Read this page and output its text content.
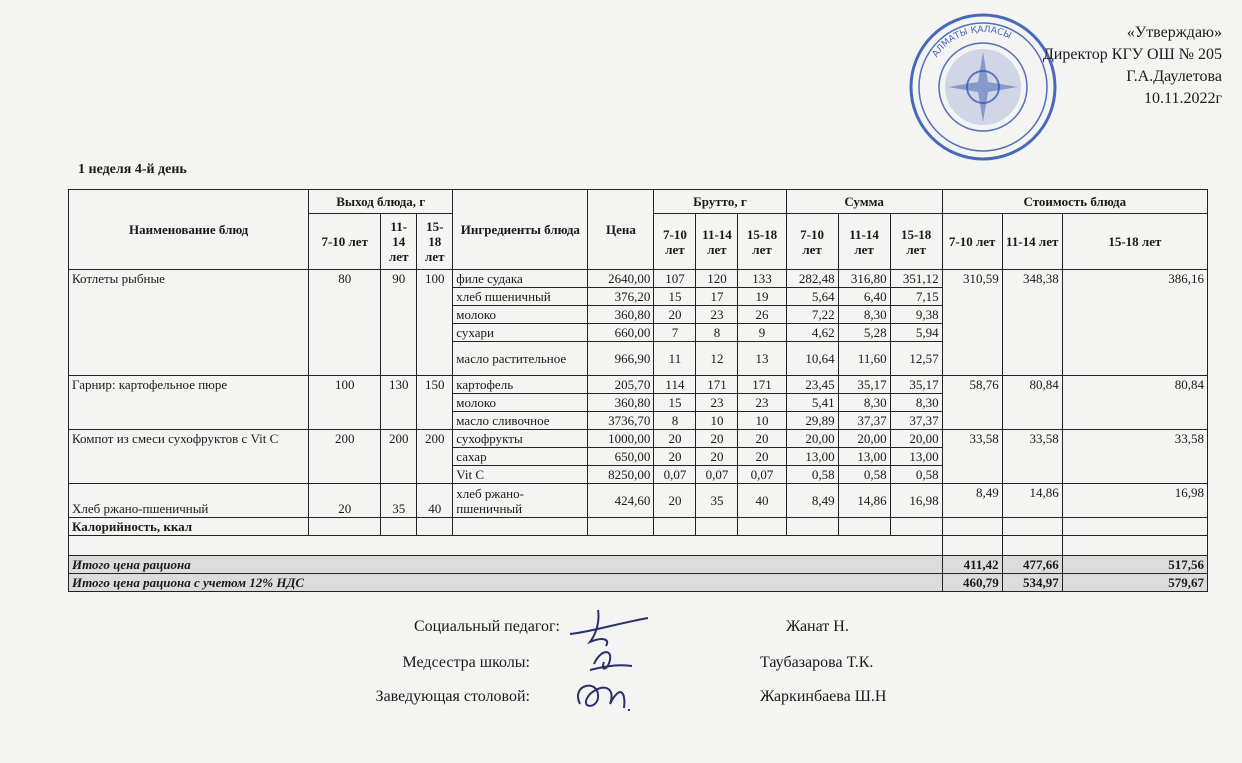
АЛМАТЫ ҚАЛАСЫ	«Утверждаю»
Директор КГУ ОШ № 205
Г.А.Даулетова
10.11.2022г
1 неделя 4-й день
Наименование блюд	Выход блюда, г			Ингредиенты блюда	Цена	Брутто, г			Сумма			Стоимость блюда		
	7-10 лет	11-14 лет	15-18 лет			7-10 лет	11-14 лет	15-18 лет	7-10 лет	11-14 лет	15-18 лет	7-10 лет	11-14 лет	15-18 лет
Котлеты рыбные	80	90	100	филе судака	2640,00	107	120	133	282,48	316,80	351,12	310,59	348,38	386,16
				хлеб пшеничный	376,20	15	17	19	5,64	6,40	7,15			
				молоко	360,80	20	23	26	7,22	8,30	9,38			
				сухари	660,00	7	8	9	4,62	5,28	5,94			
				масло растительное	966,90	11	12	13	10,64	11,60	12,57			
Гарнир: картофельное пюре	100	130	150	картофель	205,70	114	171	171	23,45	35,17	35,17	58,76	80,84	80,84
				молоко	360,80	15	23	23	5,41	8,30	8,30			
				масло сливочное	3736,70	8	10	10	29,89	37,37	37,37			
Компот из смеси сухофруктов с Vit C	200	200	200	сухофрукты	1000,00	20	20	20	20,00	20,00	20,00	33,58	33,58	33,58
				сахар	650,00	20	20	20	13,00	13,00	13,00			
				Vit C	8250,00	0,07	0,07	0,07	0,58	0,58	0,58			
Хлеб ржано-пшеничный	20	35	40	хлеб ржано-пшеничный	424,60	20	35	40	8,49	14,86	16,98	8,49	14,86	16,98
Калорийность, ккал														

Итого цена рациона												411,42	477,66	517,56
Итого цена рациона с учетом 12% НДС												460,79	534,97	579,67
Социальный педагог:	Жанат Н.
Медсестра школы:	Таубазарова Т.К.
Заведующая столовой:	Жаркинбаева Ш.Н
